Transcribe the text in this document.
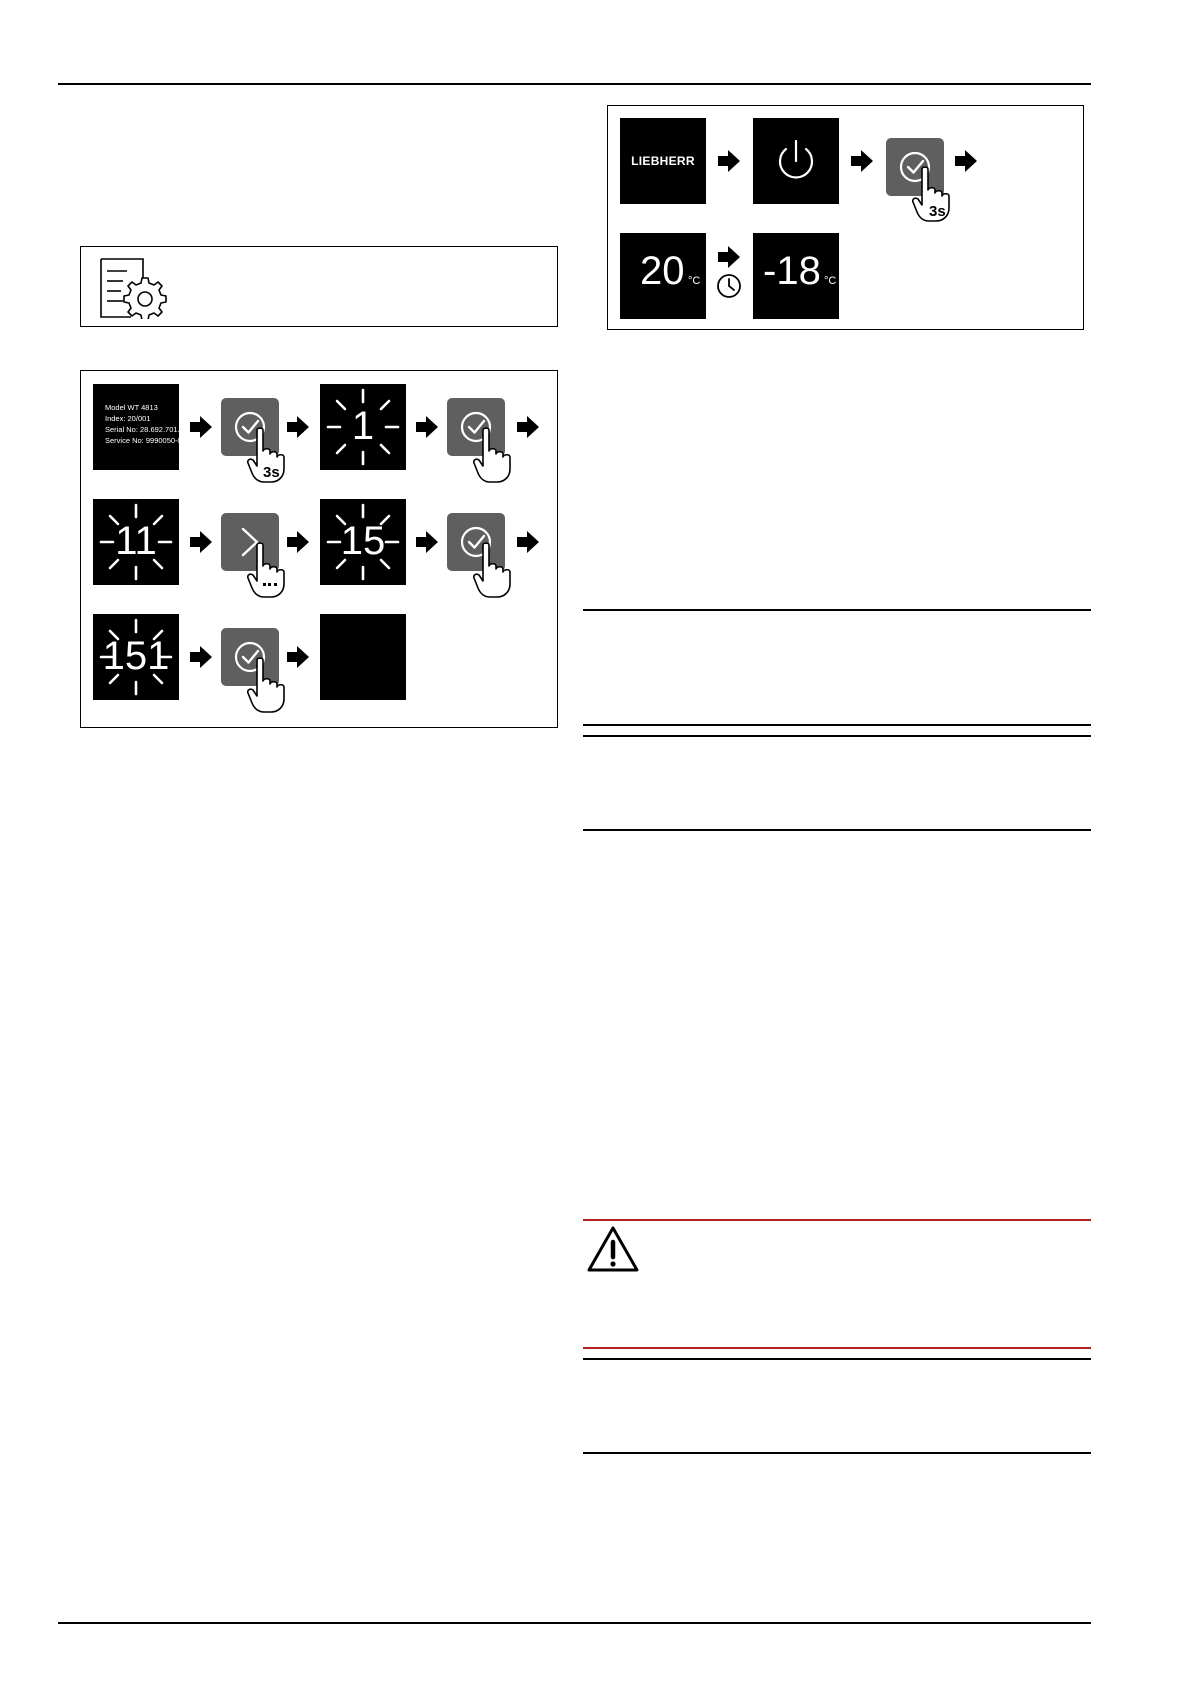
Model WT 4813
Index: 20/001
Serial No: 28.692.701.5
Service No: 9990050-00
3s
1
11	15
151
LIEBHERR
3s
20 °C -18 °C
